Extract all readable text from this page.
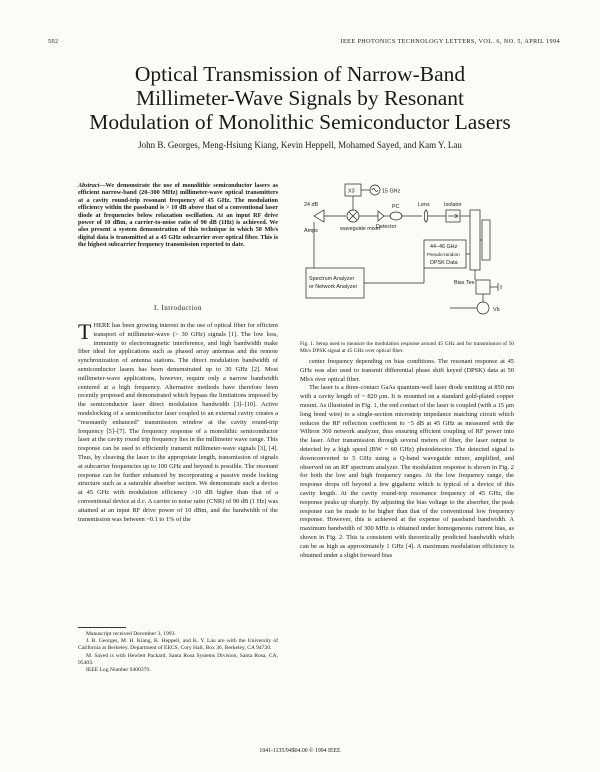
502	IEEE PHOTONICS TECHNOLOGY LETTERS, VOL. 6, NO. 5, APRIL 1994
Optical Transmission of Narrow-Band
Millimeter-Wave Signals by Resonant
Modulation of Monolithic Semiconductor Lasers
John B. Georges, Meng-Hsiung Kiang, Kevin Heppell, Mohamed Sayed, and Kam Y. Lau
Abstract—We demonstrate the use of monolithic semiconductor lasers as efficient narrow-band (20–300 MHz) millimeter-wave optical transmitters at a cavity round-trip resonant frequency of 45 GHz. The modulation efficiency within the passband is > 10 dB above that of a conventional laser diode at frequencies below relaxation oscillation. At an input RF drive power of 10 dBm, a carrier-to-noise ratio of 90 dB (1Hz) is achieved. We also present a system demonstration of this technique in which 50 Mb/s digital data is transmitted at a 45 GHz subcarrier over optical fiber. This is the highest subcarrier frequency transmission reported to date.
I. Introduction
THERE has been growing interest in the use of optical fiber for efficient transport of millimeter-wave (> 30 GHz) signals [1]. The low loss, immunity to electromagnetic interference, and high bandwidth make fiber ideal for applications such as phased array antennas and the remote synchronization of antenna stations. The direct modulation bandwidth of semiconductor lasers has been demonstrated up to 30 GHz [2]. Most millimeter-wave applications, however, require only a narrow bandwidth centered at a high frequency. Alternative methods have therefore been recently proposed and demonstrated which bypass the limitations imposed by the semiconductor laser direct modulation bandwidth [3]–[10]. Active modelocking of a semiconductor laser coupled to an external cavity creates a "resonantly enhanced" transmission window at the cavity round-trip frequency [5]–[7]. The frequency response of a monolithic semiconductor laser at the cavity round trip frequency lies in the millimeter wave range. This response can be used to efficiently transmit millimeter-wave signals [3], [4]. Thus, by cleaving the laser to the appropriate length, transmission of signals at subcarrier frequencies up to 100 GHz and beyond is possible. The resonant response can be further enhanced by incorporating a passive mode locking structure such as a saturable absorber section. We demonstrate such a device at 45 GHz with modulation efficiency >10 dB higher than that of a conventional device at d.c. A carrier to noise ratio (CNR) of 90 dB (1 Hz) was attained at an input RF drive power of 10 dBm, and the bandwidth of the transmission was between ~0.1 to 1% of the

Manuscript received December 3, 1993.

J. B. Georges, M. H. Kiang, K. Heppell, and K. Y. Lau are with the University of California at Berkeley, Department of EECS, Cory Hall, Box 36, Berkeley, CA 94720.

M. Sayed is with Hewlett Packard, Santa Rosa Systems Division, Santa Rosa, CA, 95403.

IEEE Log Number 9400379.

X3	15 GHz
24 dB
Amps	waveguide mixer
Detector
PC	Lens	Isolator
44–46 GHz
Pseudo-random
DPSK Data
Spectrum Analyzer
or Network Analyzer
Bias Tee
Vb
Fig. 1. Setup used to measure the modulation response around 45 GHz and for transmission of 50 Mb/s DPSK signal at 45 GHz over optical fiber.

center frequency depending on bias conditions. The resonant response at 45 GHz was also used to transmit differential phase shift keyed (DPSK) data at 50 Mb/s over optical fiber.

The laser is a three-contact GaAs quantum-well laser diode emitting at 850 nm with a cavity length of ~ 820 μm. It is mounted on a standard gold-plated copper mount. As illustrated in Fig. 1, the end contact of the laser is coupled (with a 15 μm long bond wire) to a single-section microstrip impedance matching circuit which reduces the RF reflection coefficient to −5 dB at 45 GHz as measured with the Wiltron 360 network analyzer, thus ensuring efficient coupling of RF power into the laser. After transmission through several meters of fiber, the laser output is detected by a high speed (BW = 60 GHz) photodetector. The detected signal is downconverted to 5 GHz using a Q-band waveguide mixer, amplified, and observed on an RF spectrum analyzer. The modulation response is shown in Fig. 2 for both the low and high frequency ranges. At the low frequency range, the response drops off beyond a few gigahertz which is typical of a device of this cavity length. At the cavity round-trip resonance frequency of 45 GHz, the response peaks up sharply. By adjusting the bias voltage to the absorber, the peak response can be made to be higher than that of the conventional low frequency response. However, this is achieved at the expense of passband bandwidth. A maximum bandwidth of 300 MHz is obtained under homogeneous current bias, as shown in Fig. 2. This is consistent with theoretically predicted bandwidth which can be as high as approximately 1 GHz [4]. A maximum modulation efficiency is obtained under a slight forward bias

1041-1135/94$04.00 © 1994 IEEE
